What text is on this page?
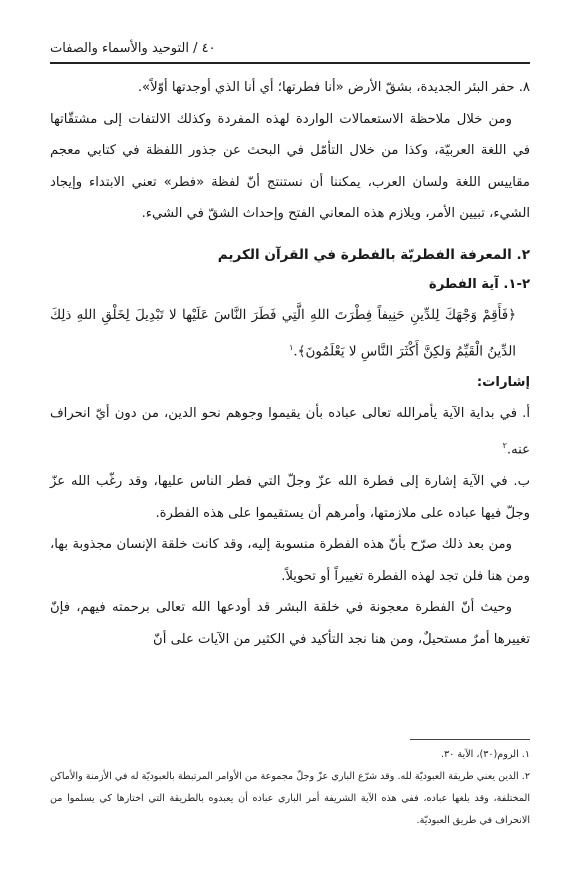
٤٠ / التوحيد والأسماء والصفات

٨. حفر البئر الجديدة، بشقّ الأرض «أنا فطرتها؛ أي أنا الذي أوجدتها أوّلاً».

ومن خلال ملاحظة الاستعمالات الواردة لهذه المفردة وكذلك الالتفات إلى مشتقّاتها في اللغة العربيّة، وكذا من خلال التأمّل في البحث عن جذور اللفظة في كتابي معجم مقاييس اللغة ولسان العرب، يمكننا أن نستنتج أنّ لفظة «فطر» تعني الابتداء وإيجاد الشيء، تبيين الأمر، ويلازم هذه المعاني الفتح وإحداث الشقّ في الشيء.

٢. المعرفة الفطريّة بالفطرة في القرآن الكريم

٢-١. آية الفطرة

﴿فَأَقِمْ وَجْهَكَ لِلدِّينِ حَنِيفاً فِطْرَتَ اللهِ الَّتِي فَطَرَ النَّاسَ عَلَيْها لا تَبْدِيلَ لِخَلْقِ اللهِ ذلِكَ الدِّينُ الْقَيِّمُ وَلكِنَّ أَكْثَرَ النَّاسِ لا يَعْلَمُونَ﴾.$^١$

إشارات:

أ. في بداية الآية يأمرالله تعالى عباده بأن يقيموا وجوهم نحو الدين، من دون أيّ انحراف عنه.$^٢$

ب. في الآية إشارة إلى فطرة الله عزّ وجلّ التي فطر الناس عليها، وقد رغّب الله عزّ وجلّ فيها عباده على ملازمتها، وأمرهم أن يستقيموا على هذه الفطرة.

ومن بعد ذلك صرّح بأنّ هذه الفطرة منسوبة إليه، وقد كانت خلقة الإنسان مجذوبة بها، ومن هنا فلن تجد لهذه الفطرة تغييراً أو تحويلاً.

وحيث أنّ الفطرة معجونة في خلقة البشر قد أودعها الله تعالى برحمته فيهم، فإنّ تغييرها أمرٌ مستحيلٌ، ومن هنا نجد التأكيد في الكثير من الآيات على أنّ

١. الروم(٣٠)، الآية ٣٠.

٢. الدين يعني طريقة العبوديّة لله. وقد شرّع الباري عزّ وجلّ مجموعة من الأوامر المرتبطة بالعبوديّة له في الأزمنة والأماكن المختلفة، وقد بلغها عباده، ففي هذه الآية الشريفة أمر الباري عباده أن يعبدوه بالطريقة التي اختارها كي يسلموا من الانحراف في طريق العبوديّة.
